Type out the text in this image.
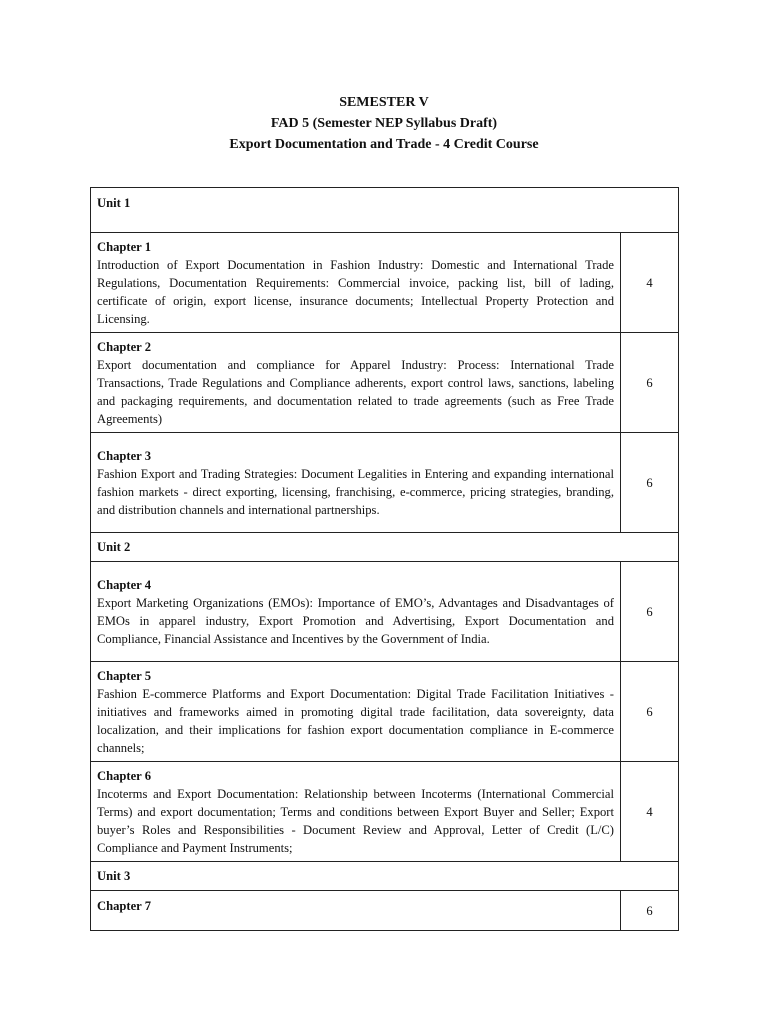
SEMESTER V
FAD 5 (Semester NEP Syllabus Draft)
Export Documentation and Trade - 4 Credit Course
Unit 1	

Chapter 1
Introduction of Export Documentation in Fashion Industry: Domestic and International Trade Regulations, Documentation Requirements: Commercial invoice, packing list, bill of lading, certificate of origin, export license, insurance documents; Intellectual Property Protection and Licensing.	4

Chapter 2
Export documentation and compliance for Apparel Industry: Process: International Trade Transactions, Trade Regulations and Compliance adherents, export control laws, sanctions, labeling and packaging requirements, and documentation related to trade agreements (such as Free Trade Agreements)	6

Chapter 3
Fashion Export and Trading Strategies: Document Legalities in Entering and expanding international fashion markets - direct exporting, licensing, franchising, e-commerce, pricing strategies, branding, and distribution channels and international partnerships.	6
Unit 2	

Chapter 4
Export Marketing Organizations (EMOs): Importance of EMO’s, Advantages and Disadvantages of EMOs in apparel industry, Export Promotion and Advertising, Export Documentation and Compliance, Financial Assistance and Incentives by the Government of India.	6

Chapter 5
Fashion E-commerce Platforms and Export Documentation: Digital Trade Facilitation Initiatives - initiatives and frameworks aimed in promoting digital trade facilitation, data sovereignty, data localization, and their implications for fashion export documentation compliance in E-commerce channels;	6

Chapter 6
Incoterms and Export Documentation: Relationship between Incoterms (International Commercial Terms) and export documentation; Terms and conditions between Export Buyer and Seller; Export buyer’s Roles and Responsibilities - Document Review and Approval, Letter of Credit (L/C) Compliance and Payment Instruments;	4
Unit 3	

Chapter 7	6
